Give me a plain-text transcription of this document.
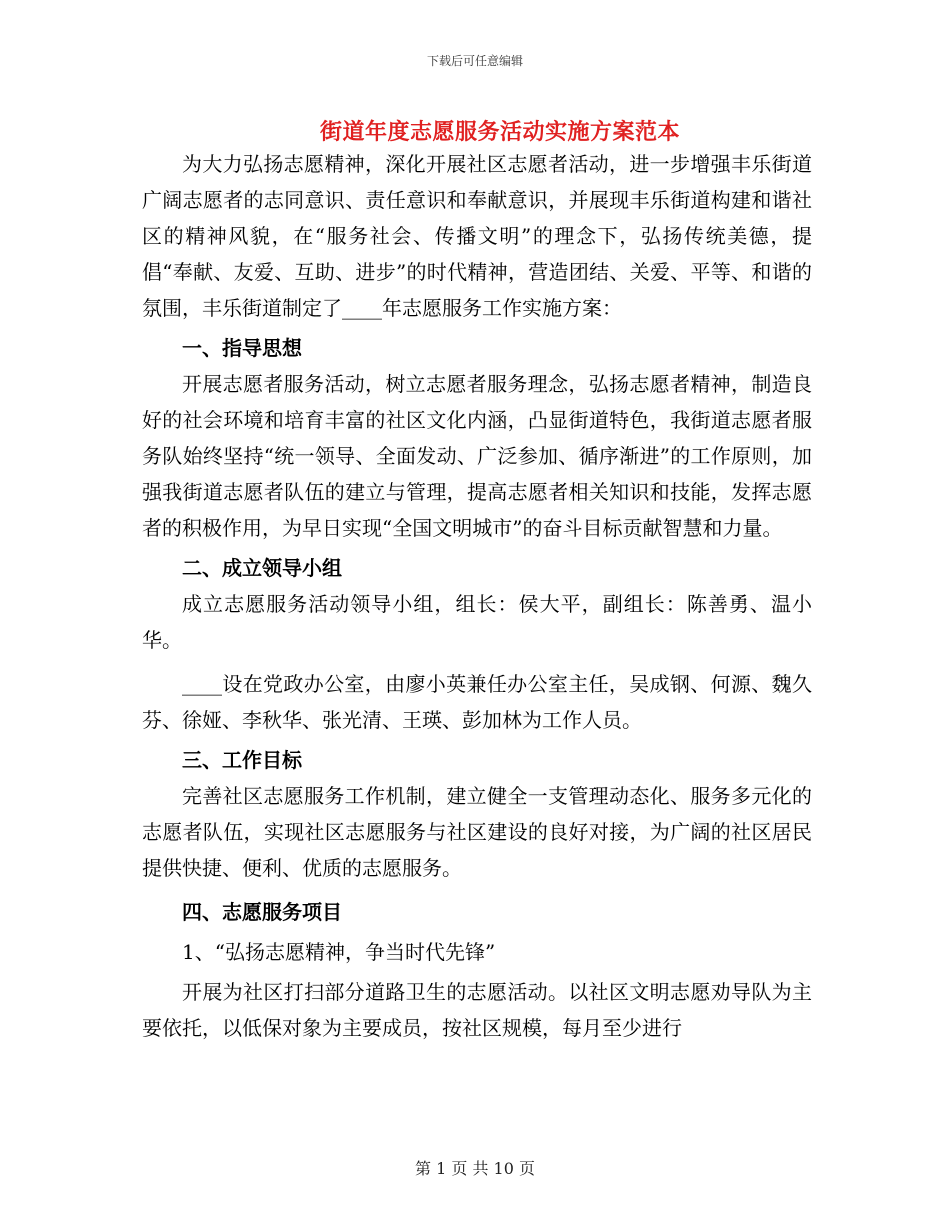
下载后可任意编辑
街道年度志愿服务活动实施方案范本

为大力弘扬志愿精神，深化开展社区志愿者活动，进一步增强丰乐街道广阔志愿者的志同意识、责任意识和奉献意识，并展现丰乐街道构建和谐社区的精神风貌，在“服务社会、传播文明”的理念下，弘扬传统美德，提倡“奉献、友爱、互助、进步”的时代精神，营造团结、关爱、平等、和谐的氛围，丰乐街道制定了____年志愿服务工作实施方案：

一、指导思想

开展志愿者服务活动，树立志愿者服务理念，弘扬志愿者精神，制造良好的社会环境和培育丰富的社区文化内涵，凸显街道特色，我街道志愿者服务队始终坚持“统一领导、全面发动、广泛参加、循序渐进”的工作原则，加强我街道志愿者队伍的建立与管理，提高志愿者相关知识和技能，发挥志愿者的积极作用，为早日实现“全国文明城市”的奋斗目标贡献智慧和力量。

二、成立领导小组

成立志愿服务活动领导小组，组长：侯大平，副组长：陈善勇、温小华。

____设在党政办公室，由廖小英兼任办公室主任，吴成钢、何源、魏久芬、徐娅、李秋华、张光清、王瑛、彭加林为工作人员。

三、工作目标

完善社区志愿服务工作机制，建立健全一支管理动态化、服务多元化的志愿者队伍，实现社区志愿服务与社区建设的良好对接，为广阔的社区居民提供快捷、便利、优质的志愿服务。

四、志愿服务项目

1、“弘扬志愿精神，争当时代先锋”

开展为社区打扫部分道路卫生的志愿活动。以社区文明志愿劝导队为主要依托，以低保对象为主要成员，按社区规模，每月至少进行

第 1 页 共 10 页
